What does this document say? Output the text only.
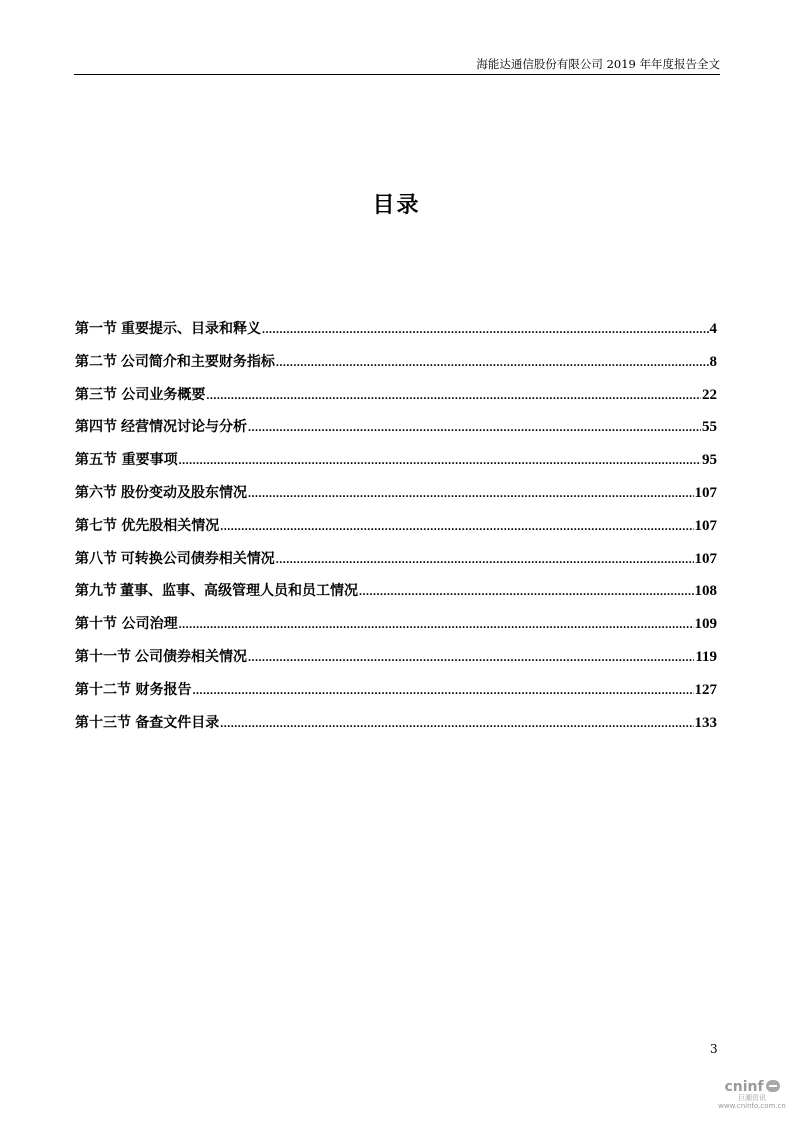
海能达通信股份有限公司 2019 年年度报告全文
目录
第一节 重要提示、目录和释义 .....	4
第二节 公司简介和主要财务指标 .....	8
第三节 公司业务概要 .....	22
第四节 经营情况讨论与分析 .....	55
第五节 重要事项 .....	95
第六节 股份变动及股东情况 .....	107
第七节 优先股相关情况 .....	107
第八节 可转换公司债券相关情况 .....	107
第九节 董事、监事、高级管理人员和员工情况 .....	108
第十节 公司治理 .....	109
第十一节 公司债券相关情况 .....	119
第十二节 财务报告 .....	127
第十三节 备查文件目录 .....	133
3
cninf
巨潮资讯
www.cninfo.com.cn
